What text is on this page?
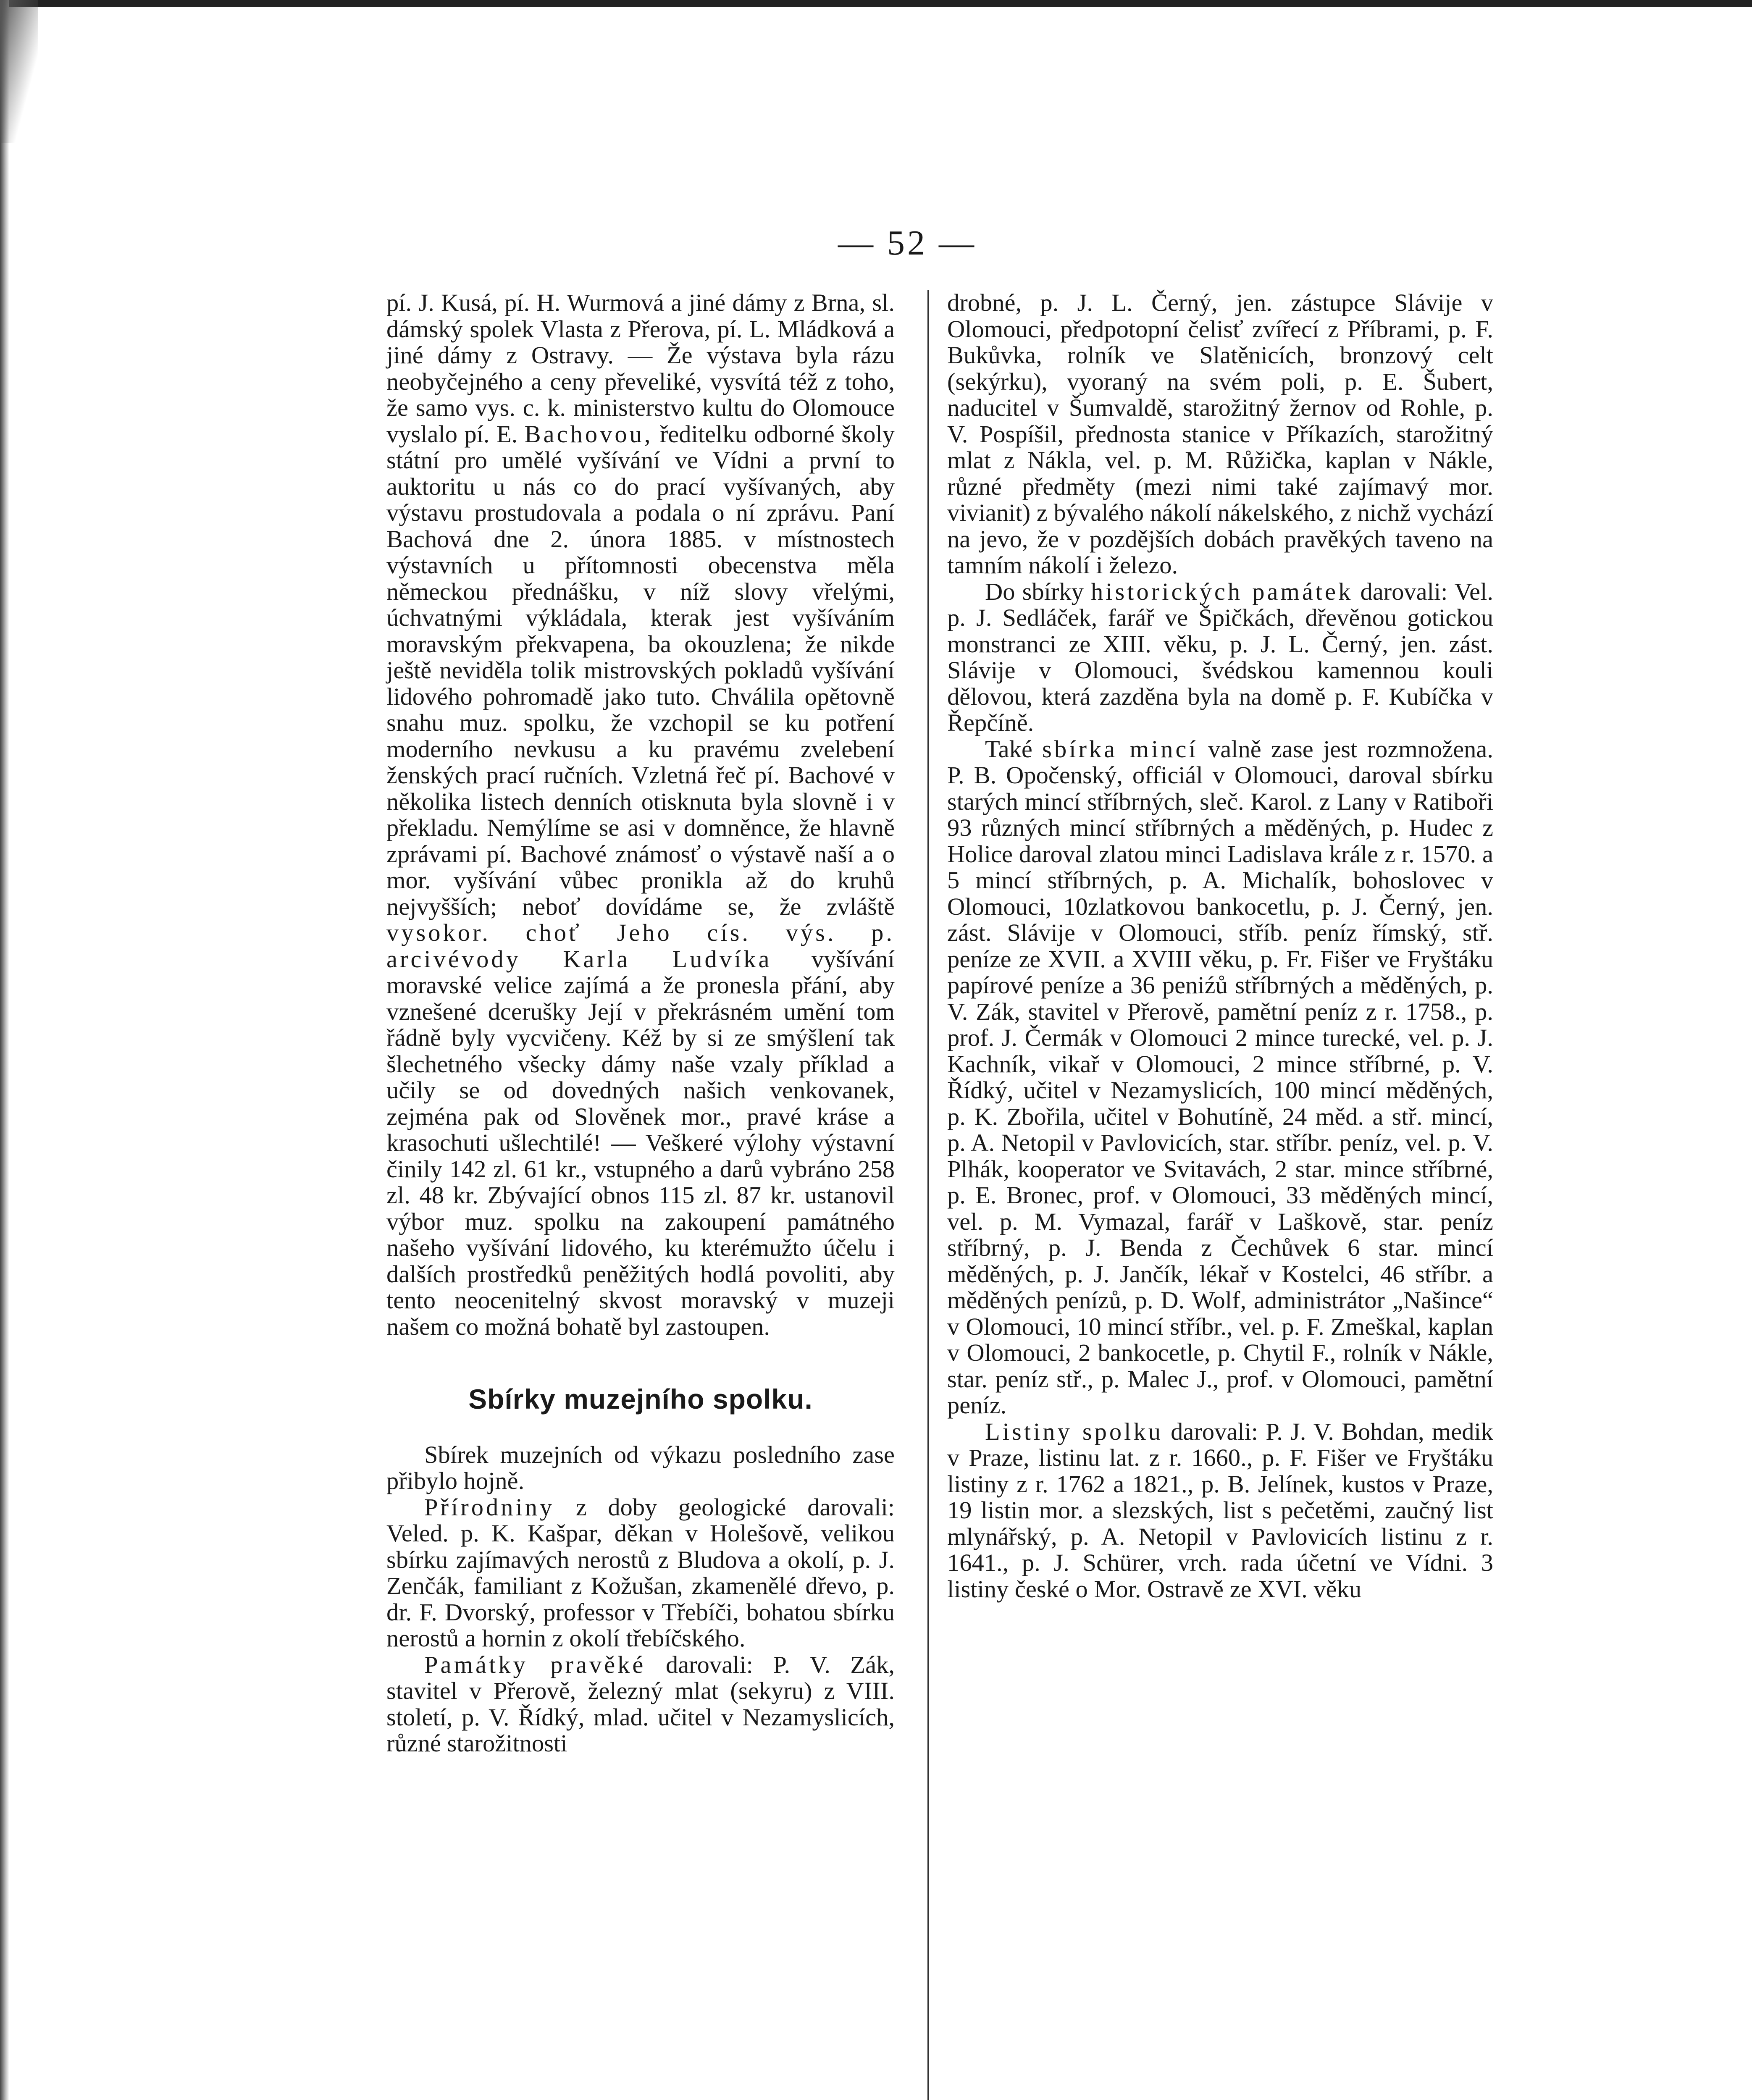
— 52 —

pí. J. Kusá, pí. H. Wurmová a jiné dámy z Brna, sl. dámský spolek Vlasta z Přerova, pí. L. Mládková a jiné dámy z Ostravy. — Že výstava byla rázu neobyčejného a ceny převeliké, vysvítá též z toho, že samo vys. c. k. ministerstvo kultu do Olomouce vyslalo pí. E. Bachovou, ředitelku odborné školy státní pro umělé vyšívání ve Vídni a první to auktoritu u nás co do prací vyšívaných, aby výstavu prostudovala a podala o ní zprávu. Paní Bachová dne 2. února 1885. v místnostech výstavních u přítomnosti obecenstva měla německou přednášku, v níž slovy vřelými, úchvatnými výkládala, kterak jest vyšíváním moravským překvapena, ba okouzlena; že nikde ještě neviděla tolik mistrovských pokladů vyšívání lidového pohromadě jako tuto. Chválila opětovně snahu muz. spolku, že vzchopil se ku potření moderního nevkusu a ku pravému zvelebení ženských prací ručních. Vzletná řeč pí. Bachové v několika listech denních otisknuta byla slovně i v překladu. Nemýlíme se asi v domněnce, že hlavně zprávami pí. Bachové známosť o výstavě naší a o mor. vyšívání vůbec pronikla až do kruhů nejvyšších; neboť dovídáme se, že zvláště vysokor. choť Jeho cís. výs. p. arcivévody Karla Ludvíka vyšívání moravské velice zajímá a že pronesla přání, aby vznešené dcerušky Její v překrásném umění tom řádně byly vycvičeny. Kéž by si ze smýšlení tak šlechetného všecky dámy naše vzaly příklad a učily se od dovedných našich venkovanek, zejména pak od Slověnek mor., pravé kráse a krasochuti ušlechtilé! — Veškeré výlohy výstavní činily 142 zl. 61 kr., vstupného a darů vybráno 258 zl. 48 kr. Zbývající obnos 115 zl. 87 kr. ustanovil výbor muz. spolku na zakoupení památného našeho vyšívání lidového, ku kterémužto účelu i dalších prostředků peněžitých hodlá povoliti, aby tento neocenitelný skvost moravský v muzeji našem co možná bohatě byl zastoupen.

Sbírky muzejního spolku.

Sbírek muzejních od výkazu posledního zase přibylo hojně.

Přírodniny z doby geologické darovali: Veled. p. K. Kašpar, děkan v Holešově, velikou sbírku zajímavých nerostů z Bludova a okolí, p. J. Zenčák, familiant z Kožušan, zkamenělé dřevo, p. dr. F. Dvorský, professor v Třebíči, bohatou sbírku nerostů a hornin z okolí třebíčského.

Památky pravěké darovali: P. V. Zák, stavitel v Přerově, železný mlat (sekyru) z VIII. století, p. V. Řídký, mlad. učitel v Nezamyslicích, různé starožitnosti

drobné, p. J. L. Černý, jen. zástupce Slávije v Olomouci, předpotopní čelisť zvířecí z Příbrami, p. F. Bukůvka, rolník ve Slatěnicích, bronzový celt (sekýrku), vyoraný na svém poli, p. E. Šubert, naducitel v Šumvaldě, starožitný žernov od Rohle, p. V. Pospíšil, přednosta stanice v Příkazích, starožitný mlat z Nákla, vel. p. M. Růžička, kaplan v Nákle, různé předměty (mezi nimi také zajímavý mor. vivianit) z bývalého nákolí nákelského, z nichž vychází na jevo, že v pozdějších dobách pravěkých taveno na tamním nákolí i železo.

Do sbírky historických památek darovali: Vel. p. J. Sedláček, farář ve Špičkách, dřevěnou gotickou monstranci ze XIII. věku, p. J. L. Černý, jen. zást. Slávije v Olomouci, švédskou kamennou kouli dělovou, která zazděna byla na domě p. F. Kubíčka v Řepčíně.

Také sbírka mincí valně zase jest rozmnožena. P. B. Opočenský, officiál v Olomouci, daroval sbírku starých mincí stříbrných, sleč. Karol. z Lany v Ratiboři 93 různých mincí stříbrných a měděných, p. Hudec z Holice daroval zlatou minci Ladislava krále z r. 1570. a 5 mincí stříbrných, p. A. Michalík, bohoslovec v Olomouci, 10zlatkovou bankocetlu, p. J. Černý, jen. zást. Slávije v Olomouci, stříb. peníz římský, stř. peníze ze XVII. a XVIII věku, p. Fr. Fišer ve Fryštáku papírové peníze a 36 peniźů stříbrných a měděných, p. V. Zák, stavitel v Přerově, pamětní peníz z r. 1758., p. prof. J. Čermák v Olomouci 2 mince turecké, vel. p. J. Kachník, vikař v Olomouci, 2 mince stříbrné, p. V. Řídký, učitel v Nezamyslicích, 100 mincí měděných, p. K. Zbořila, učitel v Bohutíně, 24 měd. a stř. mincí, p. A. Netopil v Pavlovicích, star. stříbr. peníz, vel. p. V. Plhák, kooperator ve Svitavách, 2 star. mince stříbrné, p. E. Bronec, prof. v Olomouci, 33 měděných mincí, vel. p. M. Vymazal, farář v Laškově, star. peníz stříbrný, p. J. Benda z Čechůvek 6 star. mincí měděných, p. J. Jančík, lékař v Kostelci, 46 stříbr. a měděných penízů, p. D. Wolf, administrátor „Našince“ v Olomouci, 10 mincí stříbr., vel. p. F. Zmeškal, kaplan v Olomouci, 2 bankocetle, p. Chytil F., rolník v Nákle, star. peníz stř., p. Malec J., prof. v Olomouci, pamětní peníz.

Listiny spolku darovali: P. J. V. Bohdan, medik v Praze, listinu lat. z r. 1660., p. F. Fišer ve Fryštáku listiny z r. 1762 a 1821., p. B. Jelínek, kustos v Praze, 19 listin mor. a slezských, list s pečetěmi, zaučný list mlynářský, p. A. Netopil v Pavlovicích listinu z r. 1641., p. J. Schürer, vrch. rada účetní ve Vídni. 3 listiny české o Mor. Ostravě ze XVI. věku
